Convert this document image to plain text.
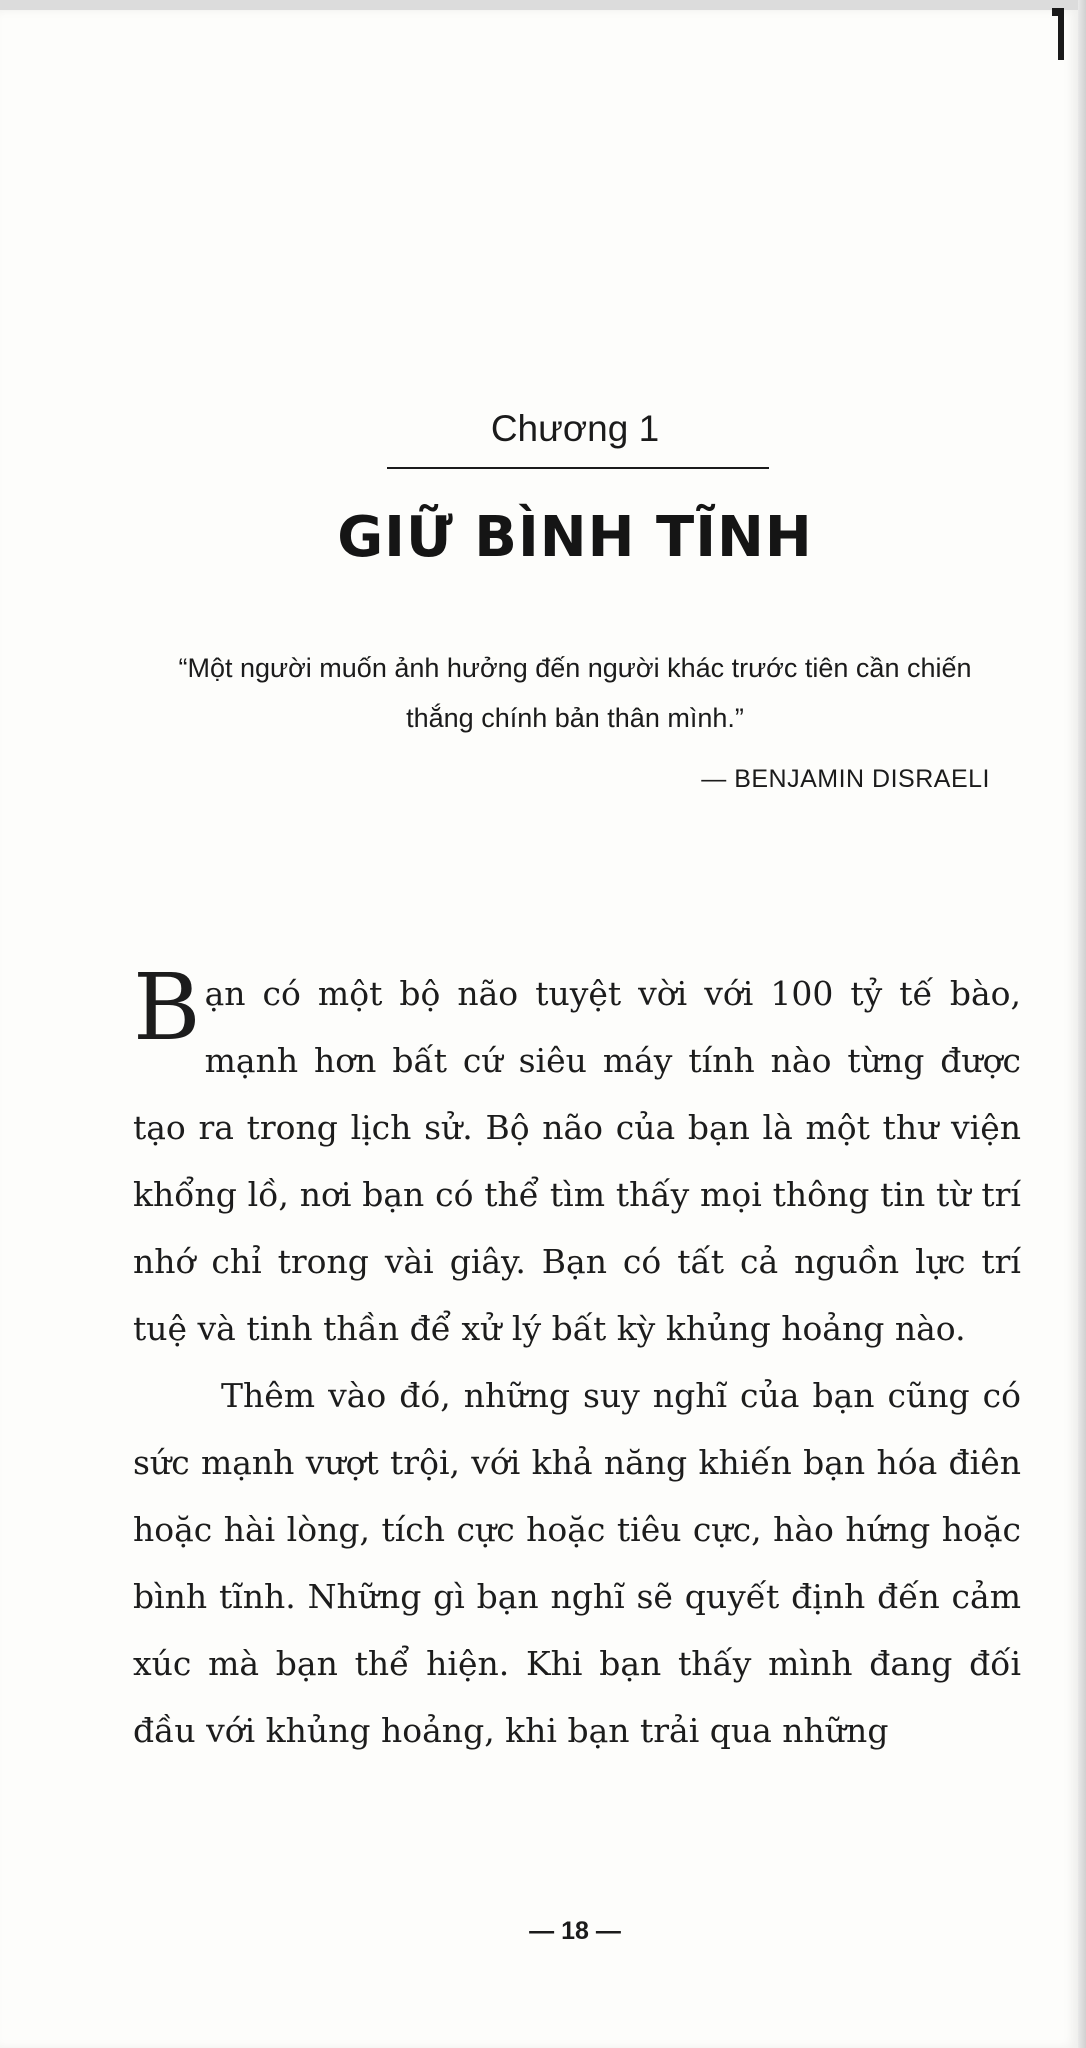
Chương 1
GIỮ BÌNH TĨNH
“Một người muốn ảnh hưởng đến người khác trước tiên cần chiến thắng chính bản thân mình.”
— BENJAMIN DISRAELI

Bạn có một bộ não tuyệt vời với 100 tỷ tế bào, mạnh hơn bất cứ siêu máy tính nào từng được tạo ra trong lịch sử. Bộ não của bạn là một thư viện khổng lồ, nơi bạn có thể tìm thấy mọi thông tin từ trí nhớ chỉ trong vài giây. Bạn có tất cả nguồn lực trí tuệ và tinh thần để xử lý bất kỳ khủng hoảng nào.

Thêm vào đó, những suy nghĩ của bạn cũng có sức mạnh vượt trội, với khả năng khiến bạn hóa điên hoặc hài lòng, tích cực hoặc tiêu cực, hào hứng hoặc bình tĩnh. Những gì bạn nghĩ sẽ quyết định đến cảm xúc mà bạn thể hiện. Khi bạn thấy mình đang đối đầu với khủng hoảng, khi bạn trải qua những

— 18 —
